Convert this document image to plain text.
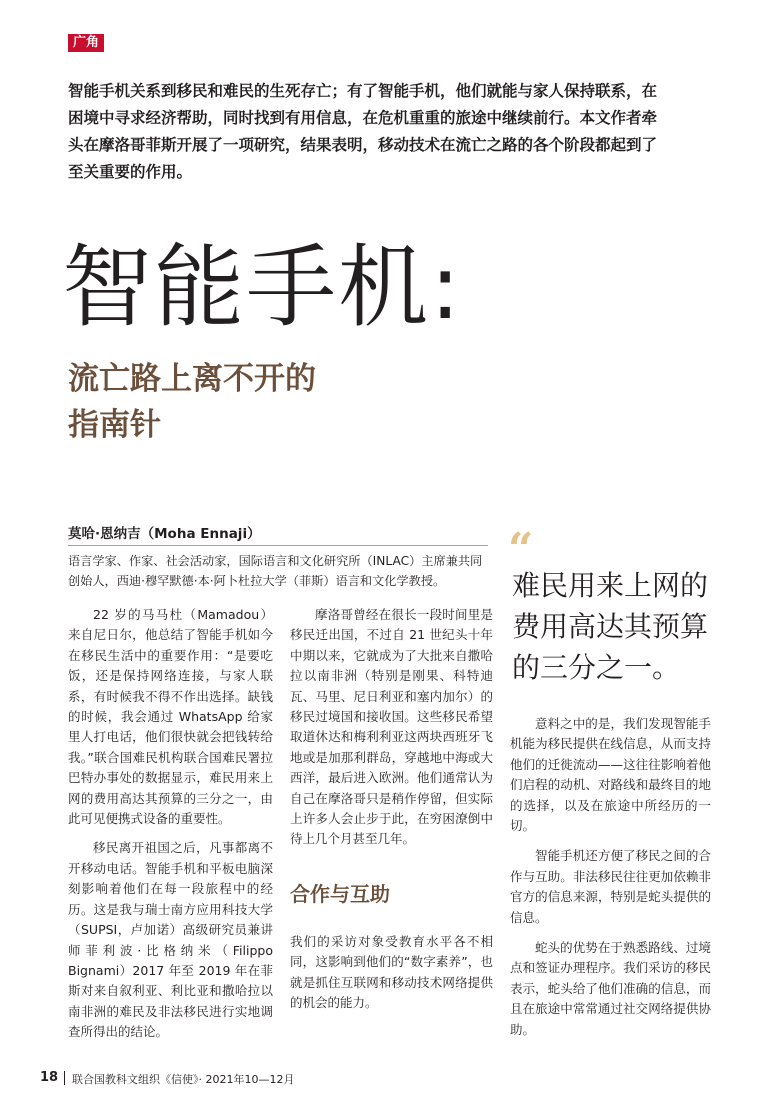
广角
智能手机关系到移民和难民的生死存亡；有了智能手机，他们就能与家人保持联系，在困境中寻求经济帮助，同时找到有用信息，在危机重重的旅途中继续前行。本文作者牵头在摩洛哥菲斯开展了一项研究，结果表明，移动技术在流亡之路的各个阶段都起到了至关重要的作用。
智能手机:
流亡路上离不开的
指南针
莫哈·恩纳吉（Moha Ennaji）
语言学家、作家、社会活动家，国际语言和文化研究所（INLAC）主席兼共同创始人，西迪·穆罕默德·本·阿卜杜拉大学（菲斯）语言和文化学教授。

22 岁的马马杜（Mamadou）来自尼日尔，他总结了智能手机如今在移民生活中的重要作用：“是要吃饭，还是保持网络连接，与家人联系，有时候我不得不作出选择。缺钱的时候，我会通过 WhatsApp 给家里人打电话，他们很快就会把钱转给我。”联合国难民机构联合国难民署拉巴特办事处的数据显示，难民用来上网的费用高达其预算的三分之一，由此可见便携式设备的重要性。

移民离开祖国之后，凡事都离不开移动电话。智能手机和平板电脑深刻影响着他们在每一段旅程中的经历。这是我与瑞士南方应用科技大学（SUPSI，卢加诺）高级研究员兼讲师菲利波·比格纳米（Filippo Bignami）2017 年至 2019 年在菲斯对来自叙利亚、利比亚和撒哈拉以南非洲的难民及非法移民进行实地调查所得出的结论。

摩洛哥曾经在很长一段时间里是移民迁出国，不过自 21 世纪头十年中期以来，它就成为了大批来自撒哈拉以南非洲（特别是刚果、科特迪瓦、马里、尼日利亚和塞内加尔）的移民过境国和接收国。这些移民希望取道休达和梅利利亚这两块西班牙飞地或是加那利群岛，穿越地中海或大西洋，最后进入欧洲。他们通常认为自己在摩洛哥只是稍作停留，但实际上许多人会止步于此，在穷困潦倒中待上几个月甚至几年。

合作与互助

我们的采访对象受教育水平各不相同，这影响到他们的“数字素养”，也就是抓住互联网和移动技术网络提供的机会的能力。

“
难民用来上网的费用高达其预算的三分之一。

意料之中的是，我们发现智能手机能为移民提供在线信息，从而支持他们的迁徙流动——这往往影响着他们启程的动机、对路线和最终目的地的选择，以及在旅途中所经历的一切。

智能手机还方便了移民之间的合作与互助。非法移民往往更加依赖非官方的信息来源，特别是蛇头提供的信息。

蛇头的优势在于熟悉路线、过境点和签证办理程序。我们采访的移民表示，蛇头给了他们准确的信息，而且在旅途中常常通过社交网络提供协助。

18 联合国教科文组织《信使》· 2021年10—12月
